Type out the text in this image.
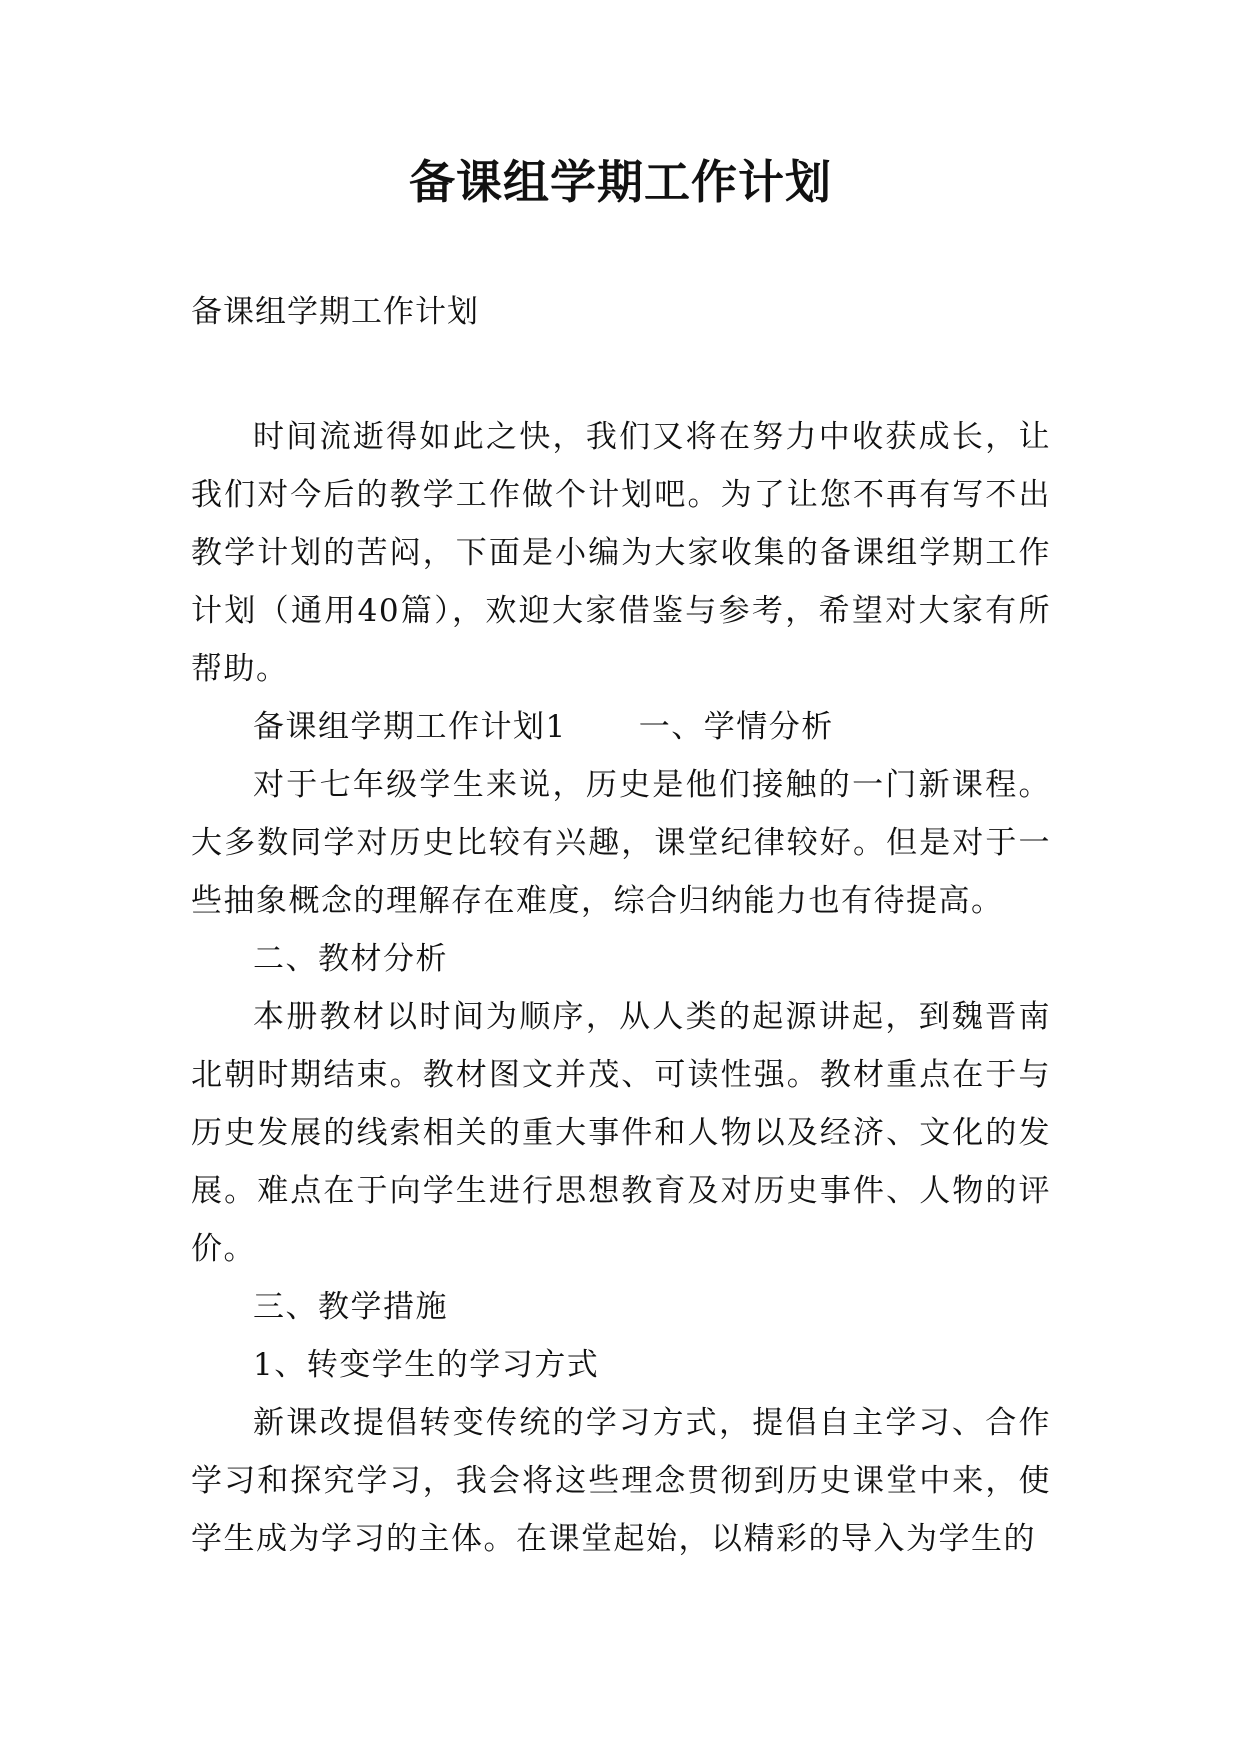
备课组学期工作计划
备课组学期工作计划

时间流逝得如此之快，我们又将在努力中收获成长，让我们对今后的教学工作做个计划吧。为了让您不再有写不出教学计划的苦闷，下面是小编为大家收集的备课组学期工作计划（通用40篇），欢迎大家借鉴与参考，希望对大家有所帮助。

备课组学期工作计划1 一、学情分析

对于七年级学生来说，历史是他们接触的一门新课程。大多数同学对历史比较有兴趣，课堂纪律较好。但是对于一些抽象概念的理解存在难度，综合归纳能力也有待提高。

二、教材分析

本册教材以时间为顺序，从人类的起源讲起，到魏晋南北朝时期结束。教材图文并茂、可读性强。教材重点在于与历史发展的线索相关的重大事件和人物以及经济、文化的发展。难点在于向学生进行思想教育及对历史事件、人物的评价。

三、教学措施

1、转变学生的学习方式

新课改提倡转变传统的学习方式，提倡自主学习、合作学习和探究学习，我会将这些理念贯彻到历史课堂中来，使学生成为学习的主体。在课堂起始，以精彩的导入为学生的
